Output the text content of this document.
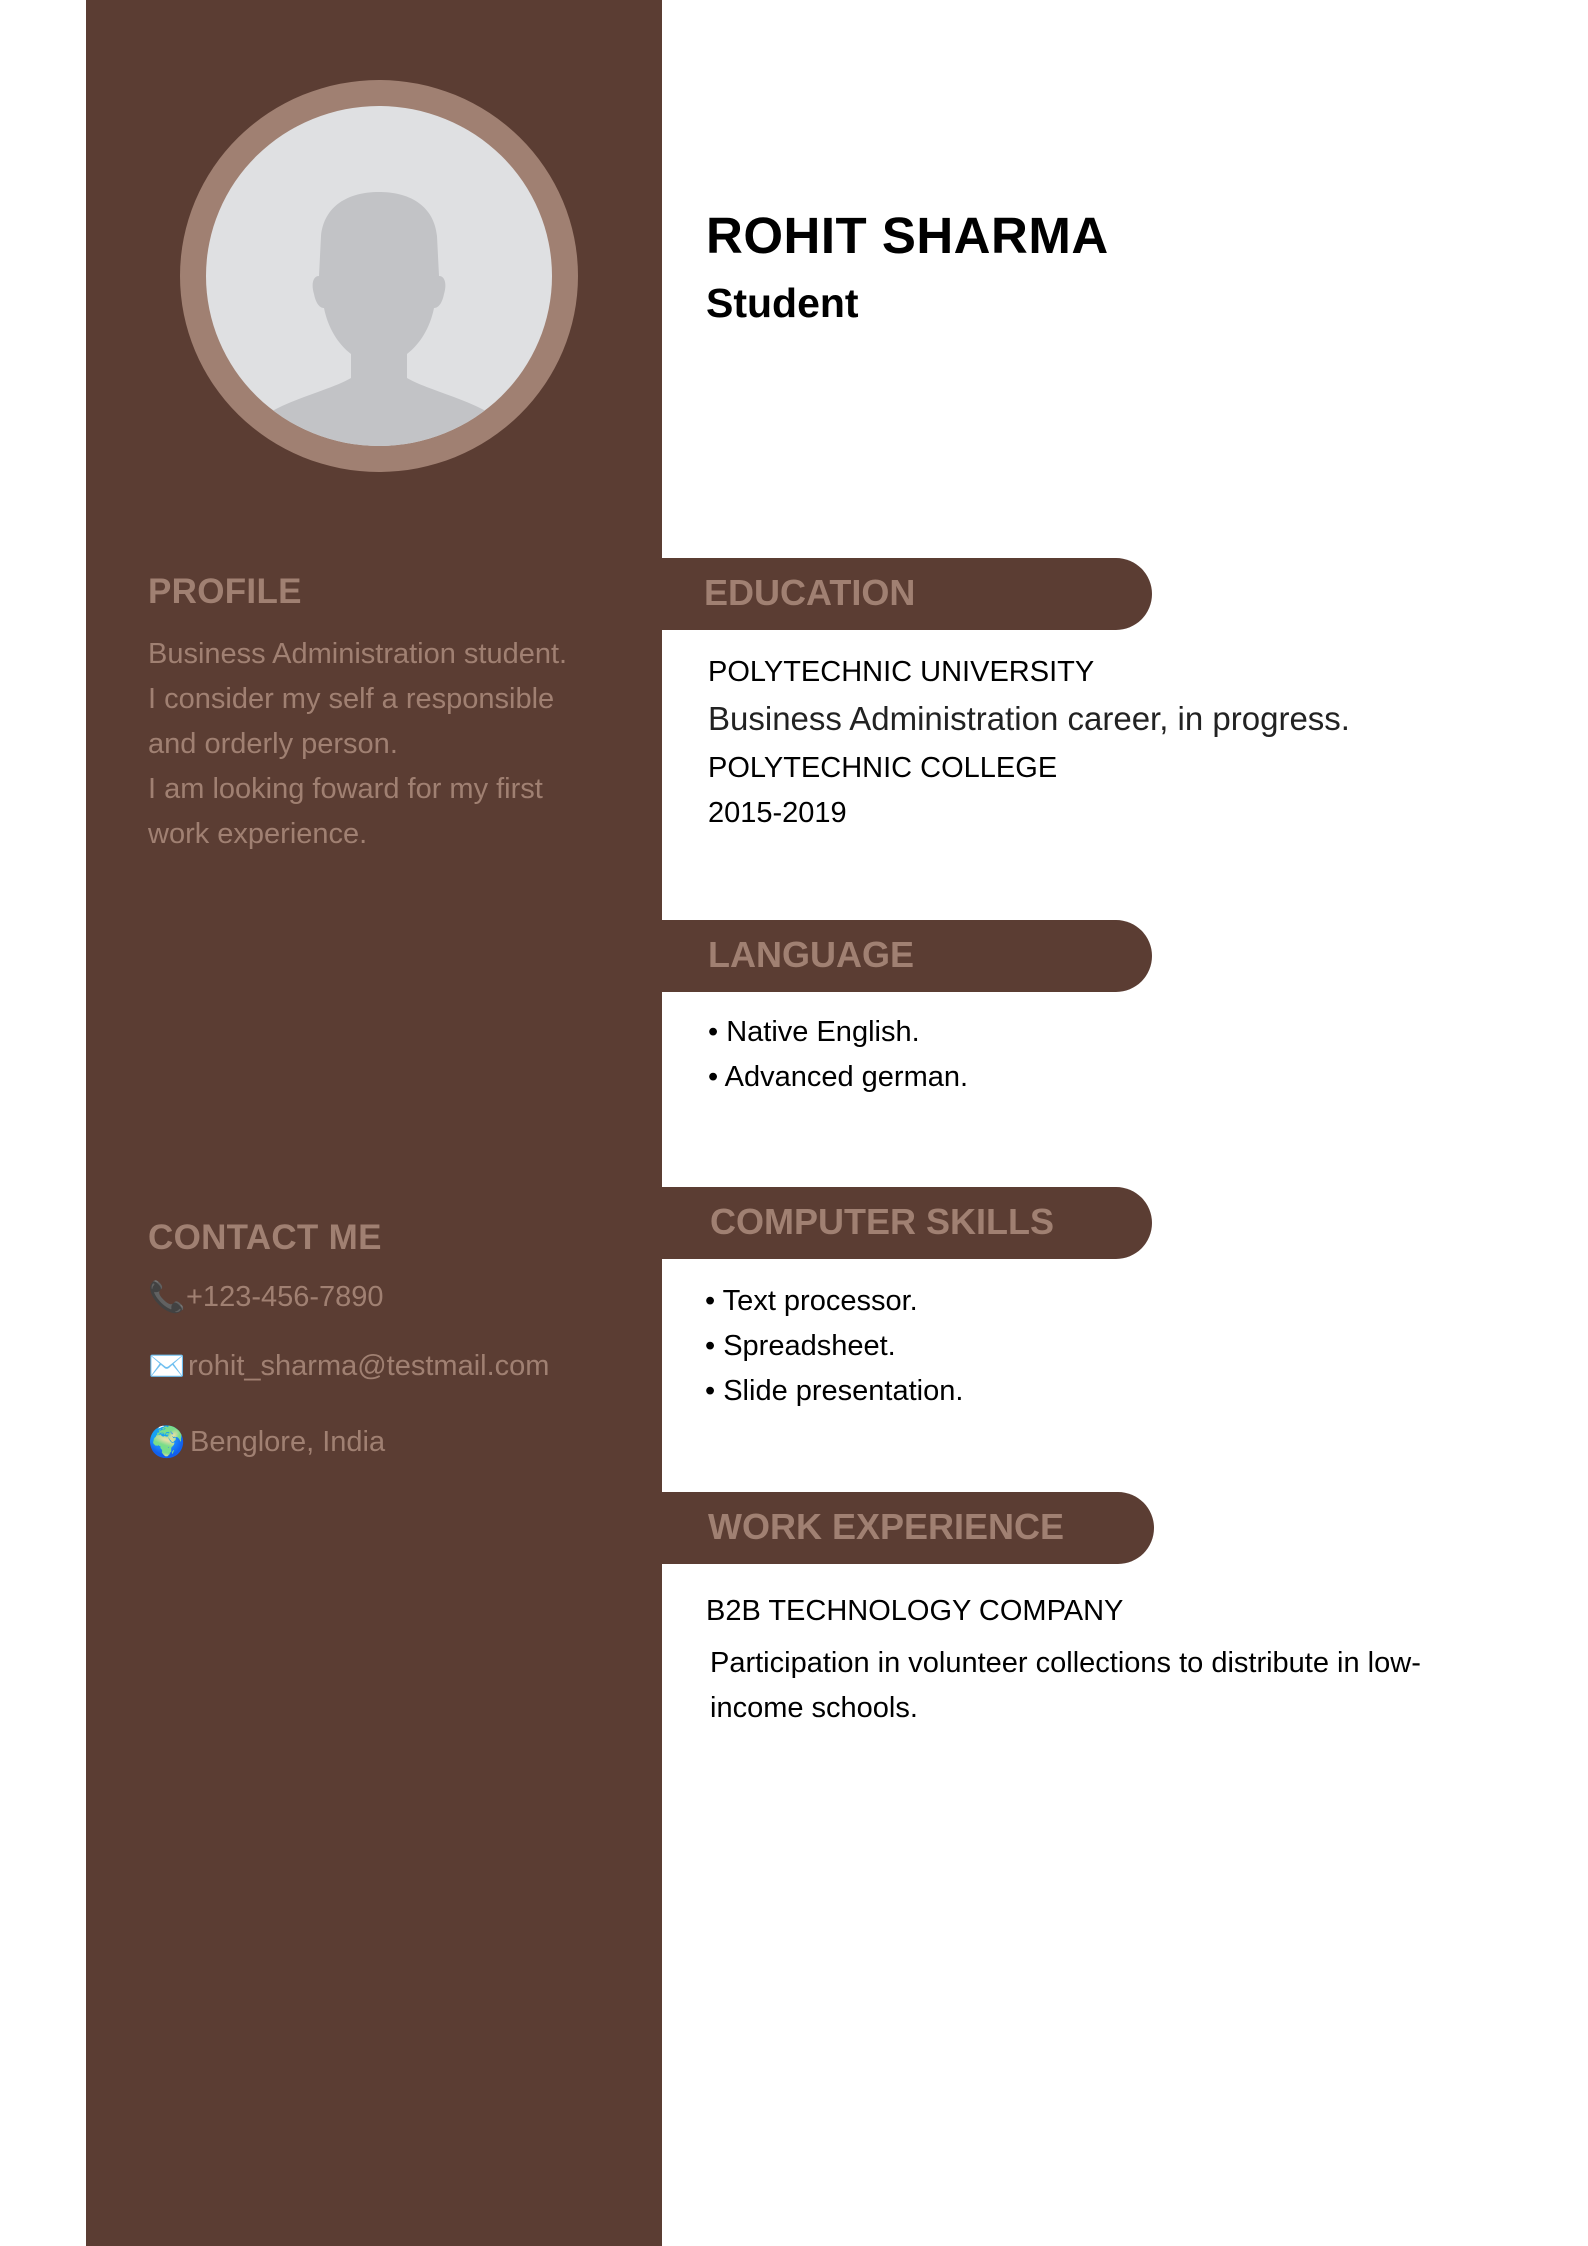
PROFILE
Business Administration student.
I consider my self a responsible
and orderly person.
I am looking foward for my first
work experience.
CONTACT ME
📞 +123-456-7890
✉️ rohit_sharma@testmail.com
🌍 Benglore, India
ROHIT SHARMA
Student
EDUCATION
POLYTECHNIC UNIVERSITY
Business Administration career, in progress.
POLYTECHNIC COLLEGE
2015-2019
LANGUAGE
• Native English.
• Advanced german.
COMPUTER SKILLS
• Text processor.
• Spreadsheet.
• Slide presentation.
WORK EXPERIENCE
B2B TECHNOLOGY COMPANY
Participation in volunteer collections to distribute in low-
income schools.
